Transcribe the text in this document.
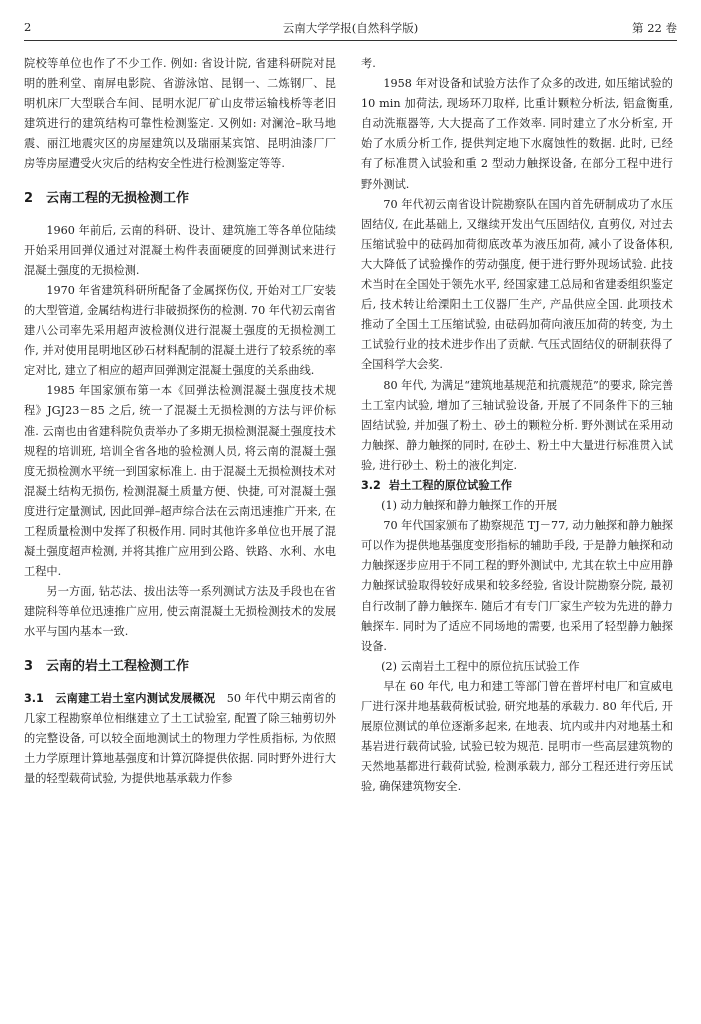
2	云南大学学报(自然科学版)	第 22 卷

院校等单位也作了不少工作. 例如: 省设计院, 省建科研院对昆明的胜利堂、南屏电影院、省游泳馆、昆钢一、二炼钢厂、昆明机床厂大型联合车间、昆明水泥厂矿山皮带运输栈桥等老旧建筑进行的建筑结构可靠性检测鉴定. 又例如: 对澜沧–耿马地震、丽江地震灾区的房屋建筑以及瑞丽某宾馆、昆明油漆厂厂房等房屋遭受火灾后的结构安全性进行检测鉴定等等.

2 云南工程的无损检测工作

1960 年前后, 云南的科研、设计、建筑施工等各单位陆续开始采用回弹仪通过对混凝土构件表面硬度的回弹测试来进行混凝土强度的无损检测.

1970 年省建筑科研所配备了金属探伤仪, 开始对工厂安装的大型管道, 金属结构进行非破损探伤的检测. 70 年代初云南省建八公司率先采用超声波检测仪进行混凝土强度的无损检测工作, 并对使用昆明地区砂石材料配制的混凝土进行了较系统的率定对比, 建立了相应的超声回弹测定混凝土强度的关系曲线.

1985 年国家颁布第一本《回弹法检测混凝土强度技术规程》JGJ23－85 之后, 统一了混凝土无损检测的方法与评价标准. 云南也由省建科院负责举办了多期无损检测混凝土强度技术规程的培训班, 培训全省各地的验检测人员, 将云南的混凝土强度无损检测水平统一到国家标准上. 由于混凝土无损检测技术对混凝土结构无损伤, 检测混凝土质量方便、快捷, 可对混凝土强度进行定量测试, 因此回弹–超声综合法在云南迅速推广开来, 在工程质量检测中发挥了积极作用. 同时其他许多单位也开展了混凝土强度超声检测, 并将其推广应用到公路、铁路、水利、水电工程中.

另一方面, 钻芯法、拔出法等一系列测试方法及手段也在省建院科等单位迅速推广应用, 使云南混凝土无损检测技术的发展水平与国内基本一致.

3 云南的岩土工程检测工作

3.1 云南建工岩土室内测试发展概况 50 年代中期云南省的几家工程勘察单位相继建立了土工试验室, 配置了除三轴剪切外的完整设备, 可以较全面地测试土的物理力学性质指标, 为依照土力学原理计算地基强度和计算沉降提供依据. 同时野外进行大量的轻型载荷试验, 为提供地基承载力作参

考.

1958 年对设备和试验方法作了众多的改进, 如压缩试验的 10 min 加荷法, 现场环刀取样, 比重计颗粒分析法, 铝盒衡重, 自动洗瓶器等, 大大提高了工作效率. 同时建立了水分析室, 开始了水质分析工作, 提供判定地下水腐蚀性的数据. 此时, 已经有了标准贯入试验和重 2 型动力触探设备, 在部分工程中进行野外测试.

70 年代初云南省设计院勘察队在国内首先研制成功了水压固结仪, 在此基础上, 又继续开发出气压固结仪, 直剪仪, 对过去压缩试验中的砝码加荷彻底改革为液压加荷, 减小了设备体积, 大大降低了试验操作的劳动强度, 便于进行野外现场试验. 此技术当时在全国处于领先水平, 经国家建工总局和省建委组织鉴定后, 技术转让给溧阳土工仪器厂生产, 产品供应全国. 此项技术推动了全国土工压缩试验, 由砝码加荷向液压加荷的转变, 为土工试验行业的技术进步作出了贡献. 气压式固结仪的研制获得了全国科学大会奖.

80 年代, 为满足“建筑地基规范和抗震规范”的要求, 除完善土工室内试验, 增加了三轴试验设备, 开展了不同条件下的三轴固结试验, 并加强了粉土、砂土的颗粒分析. 野外测试在采用动力触探、静力触探的同时, 在砂土、粉土中大量进行标准贯入试验, 进行砂土、粉土的液化判定.

3.2 岩土工程的原位试验工作

(1) 动力触探和静力触探工作的开展

70 年代国家颁布了勘察规范 TJ－77, 动力触探和静力触探可以作为提供地基强度变形指标的辅助手段, 于是静力触探和动力触探逐步应用于不同工程的野外测试中, 尤其在软土中应用静力触探试验取得较好成果和较多经验, 省设计院勘察分院, 最初自行改制了静力触探车. 随后才有专门厂家生产较为先进的静力触探车. 同时为了适应不同场地的需要, 也采用了轻型静力触探设备.

(2) 云南岩土工程中的原位抗压试验工作

早在 60 年代, 电力和建工等部门曾在普坪村电厂和宣威电厂进行深井地基载荷板试验, 研究地基的承载力. 80 年代后, 开展原位测试的单位逐渐多起来, 在地表、坑内或井内对地基土和基岩进行载荷试验, 试验已较为规范. 昆明市一些高层建筑物的天然地基都进行载荷试验, 检测承载力, 部分工程还进行旁压试验, 确保建筑物安全.
